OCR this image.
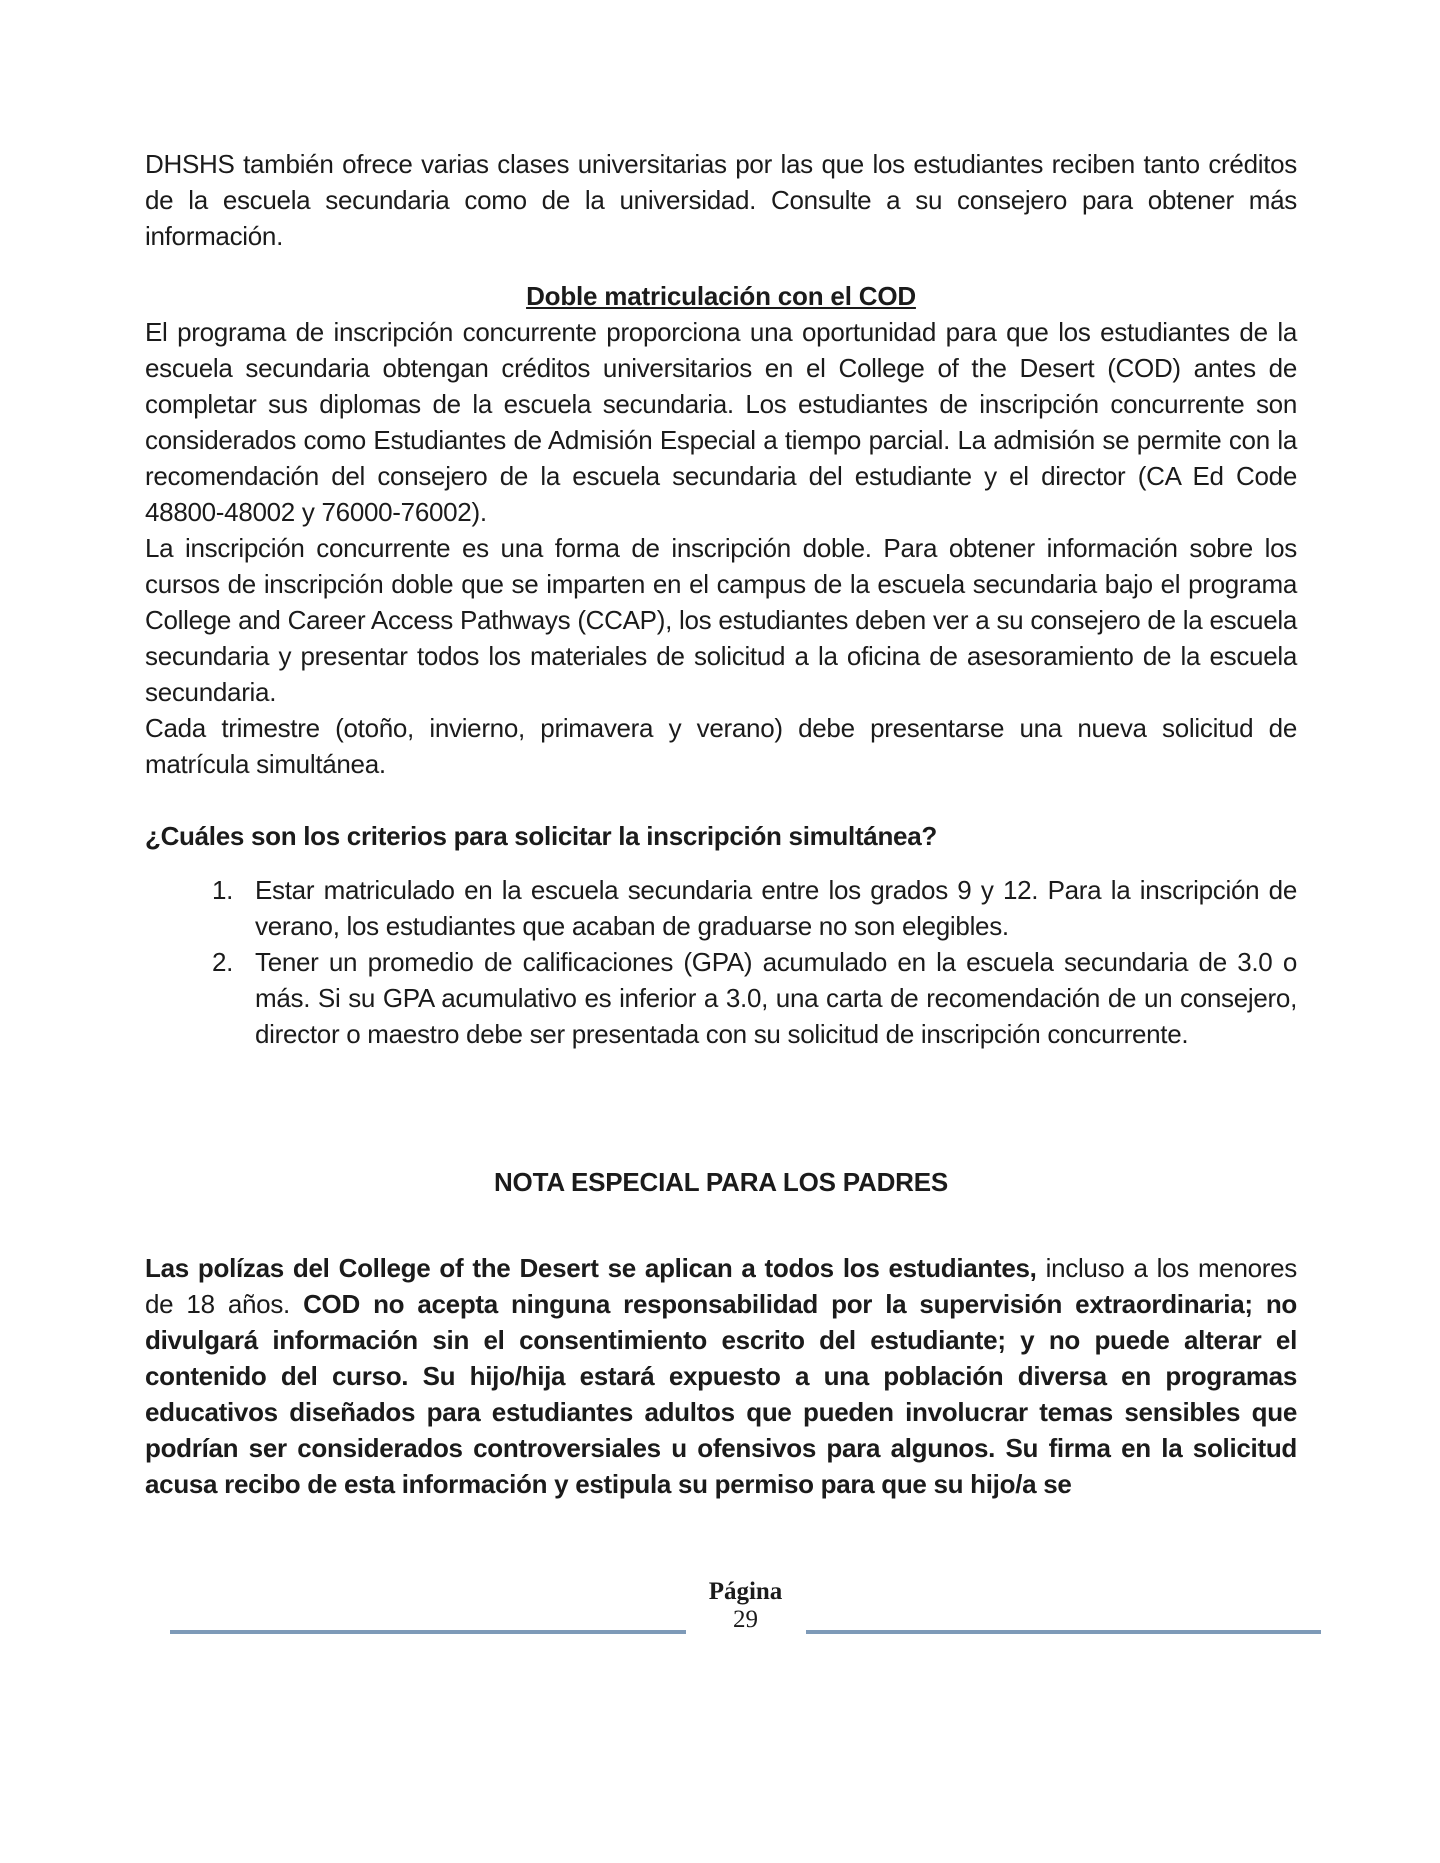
DHSHS también ofrece varias clases universitarias por las que los estudiantes reciben tanto créditos de la escuela secundaria como de la universidad. Consulte a su consejero para obtener más información.

Doble matriculación con el COD

El programa de inscripción concurrente proporciona una oportunidad para que los estudiantes de la escuela secundaria obtengan créditos universitarios en el College of the Desert (COD) antes de completar sus diplomas de la escuela secundaria. Los estudiantes de inscripción concurrente son considerados como Estudiantes de Admisión Especial a tiempo parcial. La admisión se permite con la recomendación del consejero de la escuela secundaria del estudiante y el director (CA Ed Code 48800-48002 y 76000-76002).

La inscripción concurrente es una forma de inscripción doble. Para obtener información sobre los cursos de inscripción doble que se imparten en el campus de la escuela secundaria bajo el programa College and Career Access Pathways (CCAP), los estudiantes deben ver a su consejero de la escuela secundaria y presentar todos los materiales de solicitud a la oficina de asesoramiento de la escuela secundaria.

Cada trimestre (otoño, invierno, primavera y verano) debe presentarse una nueva solicitud de matrícula simultánea.

¿Cuáles son los criterios para solicitar la inscripción simultánea?

1. Estar matriculado en la escuela secundaria entre los grados 9 y 12. Para la inscripción de verano, los estudiantes que acaban de graduarse no son elegibles.
2. Tener un promedio de calificaciones (GPA) acumulado en la escuela secundaria de 3.0 o más. Si su GPA acumulativo es inferior a 3.0, una carta de recomendación de un consejero, director o maestro debe ser presentada con su solicitud de inscripción concurrente.
NOTA ESPECIAL PARA LOS PADRES

Las polízas del College of the Desert se aplican a todos los estudiantes, incluso a los menores de 18 años. COD no acepta ninguna responsabilidad por la supervisión extraordinaria; no divulgará información sin el consentimiento escrito del estudiante; y no puede alterar el contenido del curso. Su hijo/hija estará expuesto a una población diversa en programas educativos diseñados para estudiantes adultos que pueden involucrar temas sensibles que podrían ser considerados controversiales u ofensivos para algunos. Su firma en la solicitud acusa recibo de esta información y estipula su permiso para que su hijo/a se

Página
29
